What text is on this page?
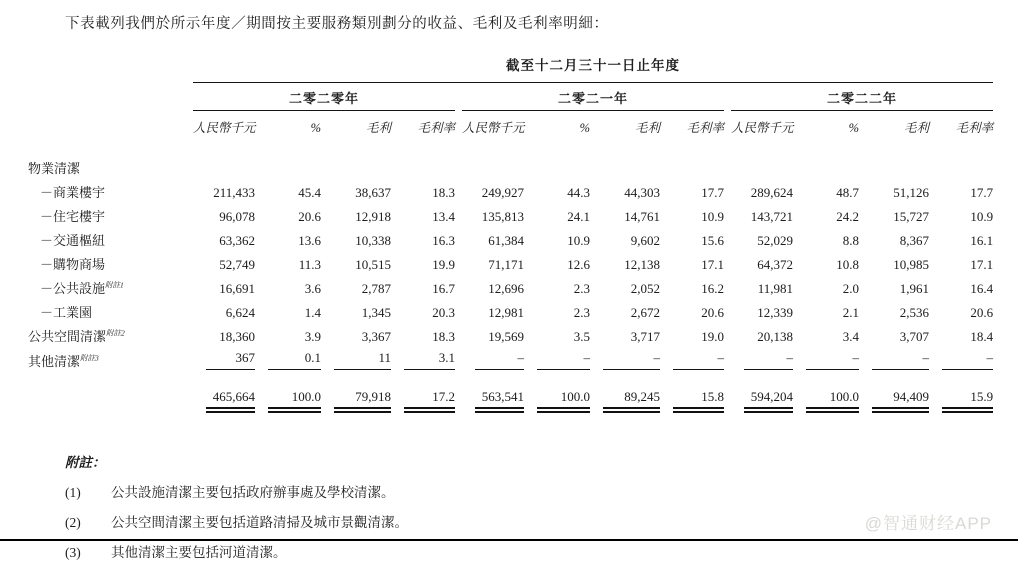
下表載列我們於所示年度／期間按主要服務類別劃分的收益、毛利及毛利率明細：

	截至十二月三十一日止年度													
	二零二零年					二零二一年					二零二二年			
	人民幣千元	%	毛利	毛利率		人民幣千元	%	毛利	毛利率		人民幣千元	%	毛利	毛利率
物業清潔														
－商業樓宇	211,433	45.4	38,637	18.3		249,927	44.3	44,303	17.7		289,624	48.7	51,126	17.7

－住宅樓宇	96,078	20.6	12,918	13.4		135,813	24.1	14,761	10.9		143,721	24.2	15,727	10.9

－交通樞紐	63,362	13.6	10,338	16.3		61,384	10.9	9,602	15.6		52,029	8.8	8,367	16.1

－購物商場	52,749	11.3	10,515	19.9		71,171	12.6	12,138	17.1		64,372	10.8	10,985	17.1

－公共設施$^{附註1}$	16,691	3.6	2,787	16.7		12,696	2.3	2,052	16.2		11,981	2.0	1,961	16.4

－工業園	6,624	1.4	1,345	20.3		12,981	2.3	2,672	20.6		12,339	2.1	2,536	20.6

公共空間清潔$^{附註2}$	18,360	3.9	3,367	18.3		19,569	3.5	3,717	19.0		20,138	3.4	3,707	18.4

其他清潔$^{附註3}$	367	0.1	11	3.1		–	–	–	–		–	–	–	–

	465,664	100.0	79,918	17.2		563,541	100.0	89,245	15.8		594,204	100.0	94,409	15.9

附註：

(1)	公共設施清潔主要包括政府辦事處及學校清潔。
(2)	公共空間清潔主要包括道路清掃及城市景觀清潔。
(3)	其他清潔主要包括河道清潔。
@智通财经APP
